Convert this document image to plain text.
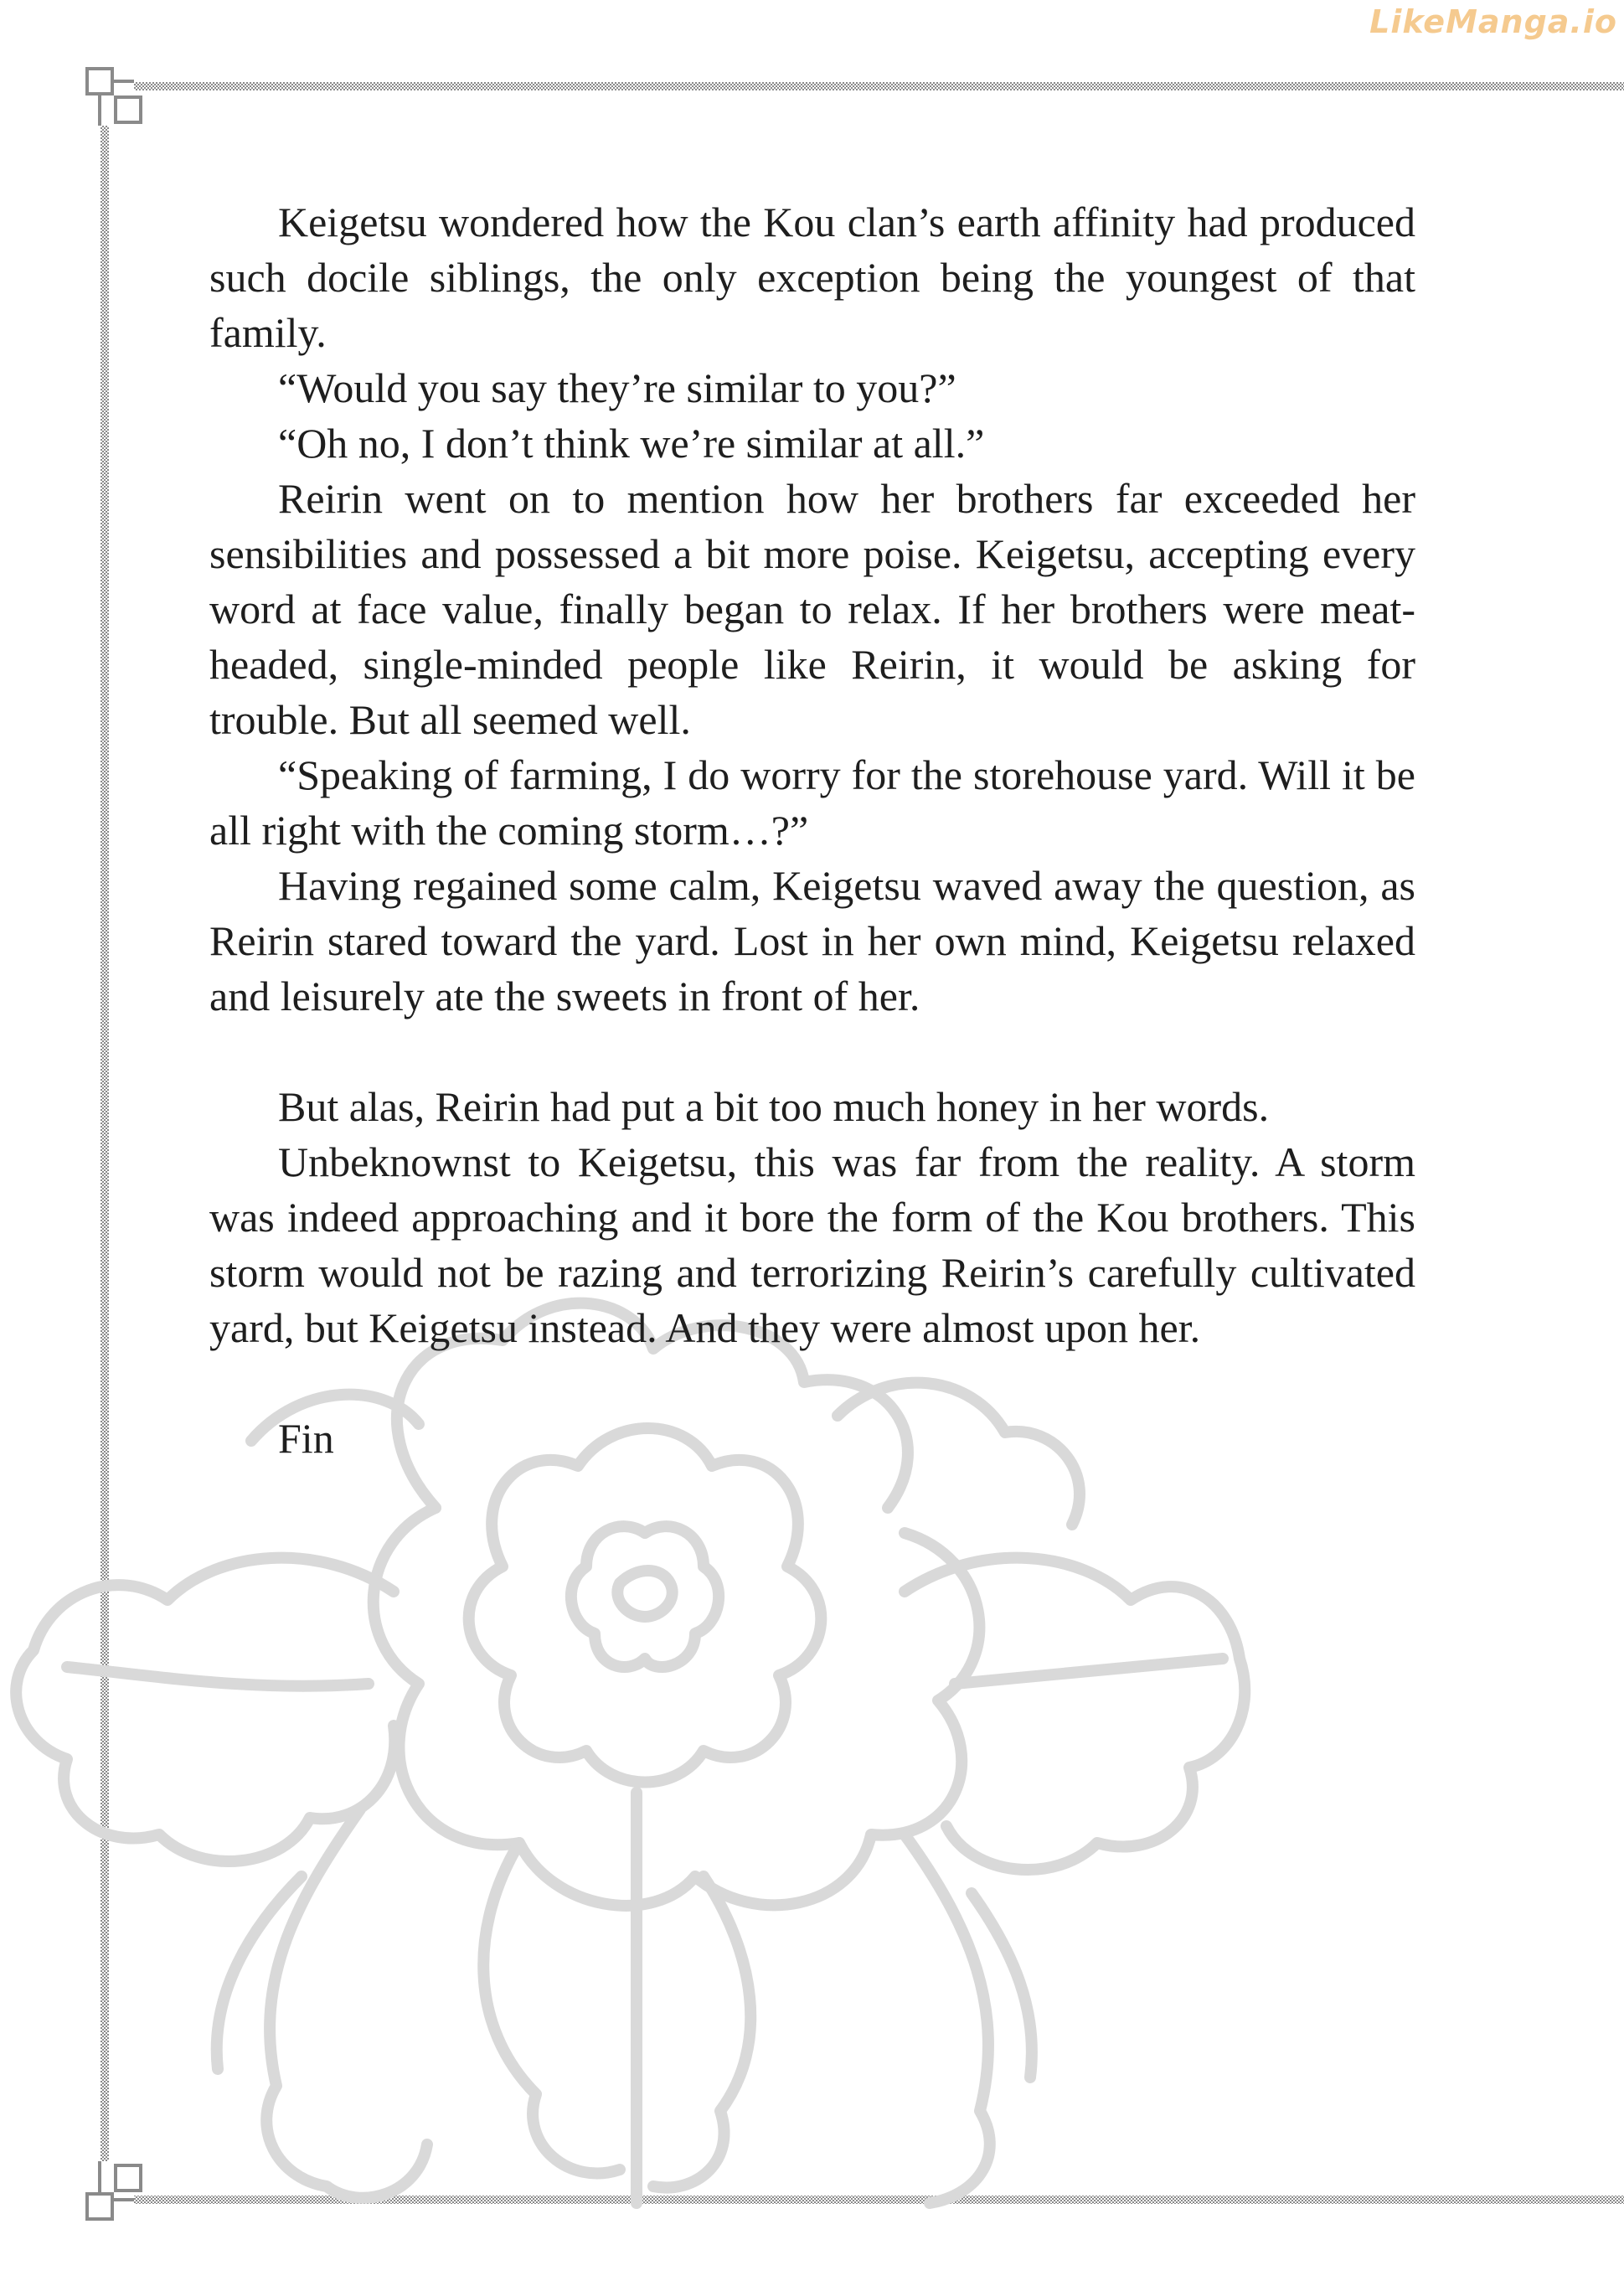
LikeManga.io

Keigetsu wondered how the Kou clan’s earth affinity had produced such docile siblings, the only exception being the youngest of that family.

“Would you say they’re similar to you?”

“Oh no, I don’t think we’re similar at all.”

Reirin went on to mention how her brothers far exceeded her sensibilities and possessed a bit more poise. Keigetsu, accepting every word at face value, finally began to relax. If her brothers were meat-headed, single-minded people like Reirin, it would be asking for trouble. But all seemed well.

“Speaking of farming, I do worry for the storehouse yard. Will it be all right with the coming storm…?”

Having regained some calm, Keigetsu waved away the question, as Reirin stared toward the yard. Lost in her own mind, Keigetsu relaxed and leisurely ate the sweets in front of her.

But alas, Reirin had put a bit too much honey in her words.

Unbeknownst to Keigetsu, this was far from the reality. A storm was indeed approaching and it bore the form of the Kou brothers. This storm would not be razing and terrorizing Reirin’s carefully cultivated yard, but Keigetsu instead. And they were almost upon her.

Fin
